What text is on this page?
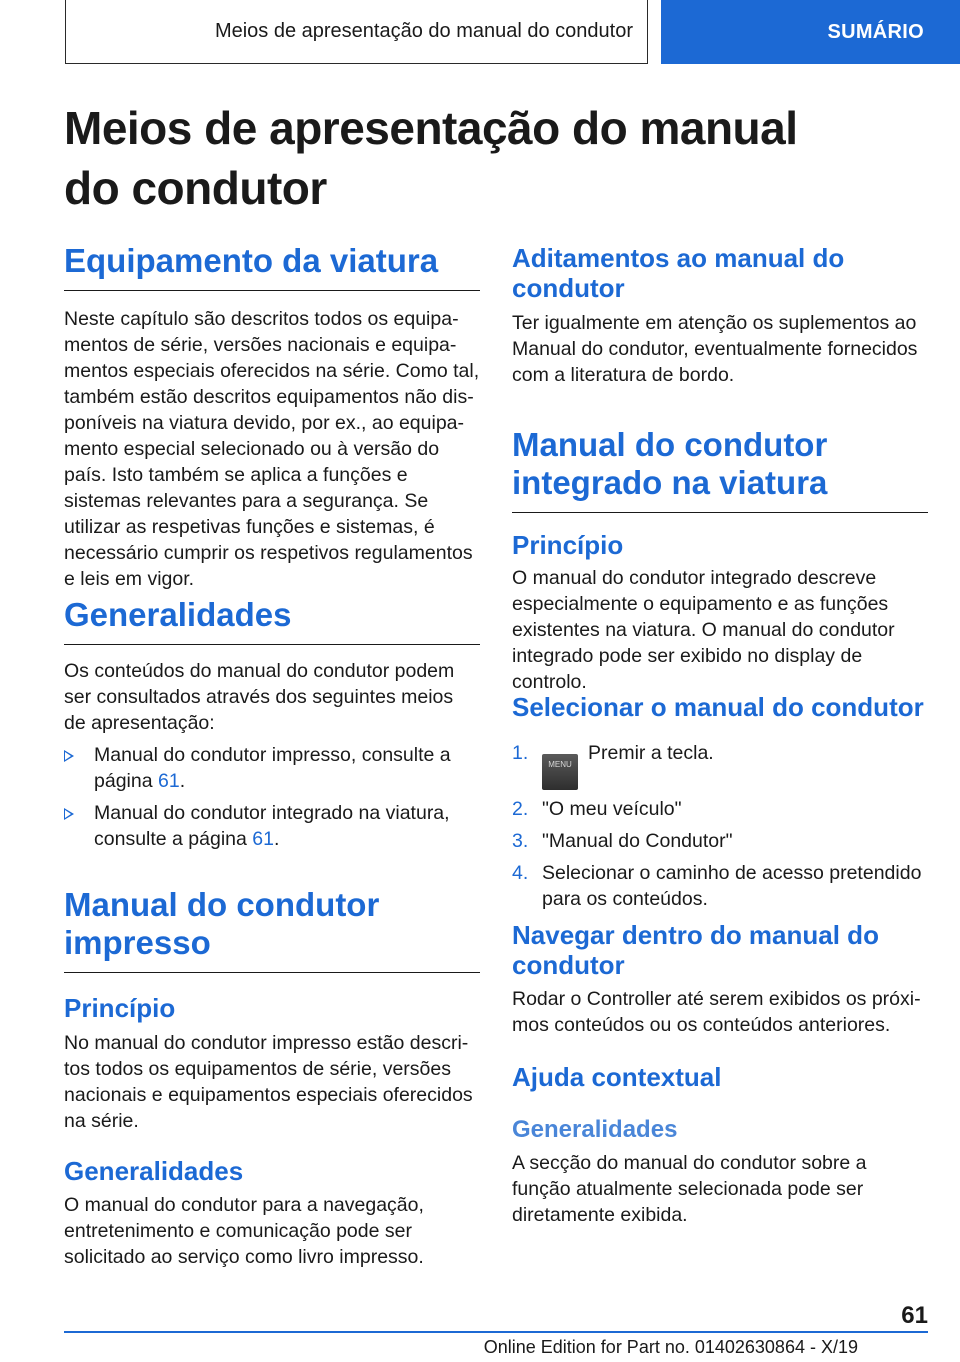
Meios de apresentação do manual do condutor	SUMÁRIO
Meios de apresentação do manual do condutor
Equipamento da viatura

Neste capítulo são descritos todos os equipamentos de série, versões nacionais e equipamentos especiais oferecidos na série. Como tal, também estão descritos equipamentos não disponíveis na viatura devido, por ex., ao equipamento especial selecionado ou à versão do país. Isto também se aplica a funções e sistemas relevantes para a segurança. Se utilizar as respetivas funções e sistemas, é necessário cumprir os respetivos regulamentos e leis em vigor.

Generalidades

Os conteúdos do manual do condutor podem ser consultados através dos seguintes meios de apresentação:

Manual do condutor impresso, consulte a página 61.
Manual do condutor integrado na viatura, consulte a página 61.
Manual do condutor impresso
Princípio

No manual do condutor impresso estão descritos todos os equipamentos de série, versões nacionais e equipamentos especiais oferecidos na série.

Generalidades

O manual do condutor para a navegação, entretenimento e comunicação pode ser solicitado ao serviço como livro impresso.

Aditamentos ao manual do condutor

Ter igualmente em atenção os suplementos ao Manual do condutor, eventualmente fornecidos com a literatura de bordo.

Manual do condutor integrado na viatura
Princípio

O manual do condutor integrado descreve especialmente o equipamento e as funções existentes na viatura. O manual do condutor integrado pode ser exibido no display de controlo.

Selecionar o manual do condutor
1.
MENUPremir a tecla.
2. "O meu veículo"
3. "Manual do Condutor"
4. Selecionar o caminho de acesso pretendido para os conteúdos.
Navegar dentro do manual do condutor

Rodar o Controller até serem exibidos os próximos conteúdos ou os conteúdos anteriores.

Ajuda contextual
Generalidades

A secção do manual do condutor sobre a função atualmente selecionada pode ser diretamente exibida.

61
Online Edition for Part no. 01402630864 - X/19
